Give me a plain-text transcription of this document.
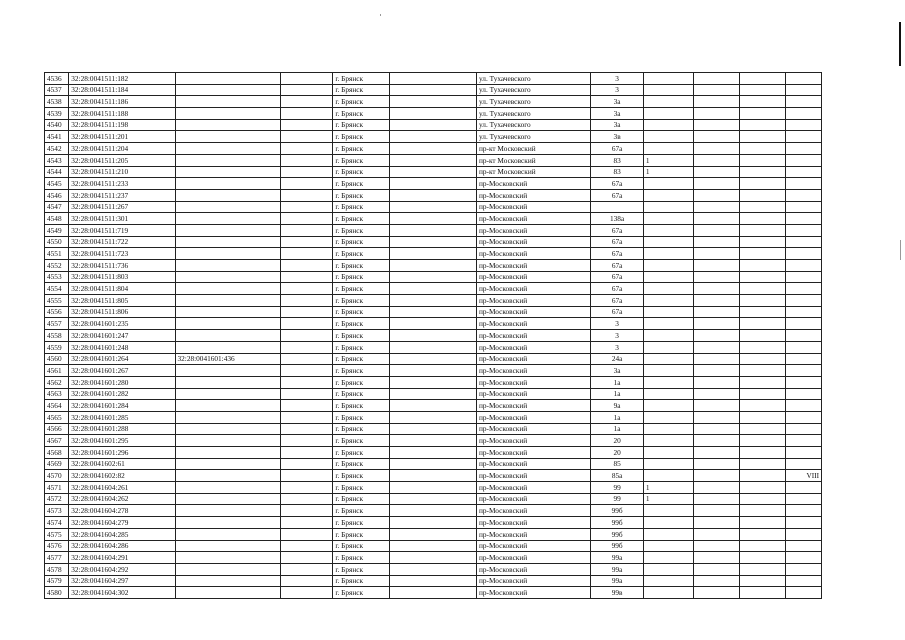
4536	32:28:0041511:182			г. Брянск		ул. Тухачевского	3				
4537	32:28:0041511:184			г. Брянск		ул. Тухачевского	3				
4538	32:28:0041511:186			г. Брянск		ул. Тухачевского	3а				
4539	32:28:0041511:188			г. Брянск		ул. Тухачевского	3а				
4540	32:28:0041511:198			г. Брянск		ул. Тухачевского	3а				
4541	32:28:0041511:201			г. Брянск		ул. Тухачевского	3в				
4542	32:28:0041511:204			г. Брянск		пр-кт Московский	67а				
4543	32:28:0041511:205			г. Брянск		пр-кт Московский	83	1			
4544	32:28:0041511:210			г. Брянск		пр-кт Московский	83	1			
4545	32:28:0041511:233			г. Брянск		пр-Московский	67а				
4546	32:28:0041511:237			г. Брянск		пр-Московский	67а				
4547	32:28:0041511:267			г. Брянск		пр-Московский					
4548	32:28:0041511:301			г. Брянск		пр-Московский	138а				
4549	32:28:0041511:719			г. Брянск		пр-Московский	67а				
4550	32:28:0041511:722			г. Брянск		пр-Московский	67а				
4551	32:28:0041511:723			г. Брянск		пр-Московский	67а				
4552	32:28:0041511:736			г. Брянск		пр-Московский	67а				
4553	32:28:0041511:803			г. Брянск		пр-Московский	67а				
4554	32:28:0041511:804			г. Брянск		пр-Московский	67а				
4555	32:28:0041511:805			г. Брянск		пр-Московский	67а				
4556	32:28:0041511:806			г. Брянск		пр-Московский	67а				
4557	32:28:0041601:235			г. Брянск		пр-Московский	3				
4558	32:28:0041601:247			г. Брянск		пр-Московский	3				
4559	32:28:0041601:248			г. Брянск		пр-Московский	3				
4560	32:28:0041601:264	32:28:0041601:436		г. Брянск		пр-Московский	24а				
4561	32:28:0041601:267			г. Брянск		пр-Московский	3а				
4562	32:28:0041601:280			г. Брянск		пр-Московский	1а				
4563	32:28:0041601:282			г. Брянск		пр-Московский	1а				
4564	32:28:0041601:284			г. Брянск		пр-Московский	9а				
4565	32:28:0041601:285			г. Брянск		пр-Московский	1а				
4566	32:28:0041601:288			г. Брянск		пр-Московский	1а				
4567	32:28:0041601:295			г. Брянск		пр-Московский	20				
4568	32:28:0041601:296			г. Брянск		пр-Московский	20				
4569	32:28:0041602:61			г. Брянск		пр-Московский	85				
4570	32:28:0041602:82			г. Брянск		пр-Московский	85а				VIII
4571	32:28:0041604:261			г. Брянск		пр-Московский	99	1			
4572	32:28:0041604:262			г. Брянск		пр-Московский	99	1			
4573	32:28:0041604:278			г. Брянск		пр-Московский	99б				
4574	32:28:0041604:279			г. Брянск		пр-Московский	99б				
4575	32:28:0041604:285			г. Брянск		пр-Московский	99б				
4576	32:28:0041604:286			г. Брянск		пр-Московский	99б				
4577	32:28:0041604:291			г. Брянск		пр-Московский	99а				
4578	32:28:0041604:292			г. Брянск		пр-Московский	99а				
4579	32:28:0041604:297			г. Брянск		пр-Московский	99а				
4580	32:28:0041604:302			г. Брянск		пр-Московский	99в				
